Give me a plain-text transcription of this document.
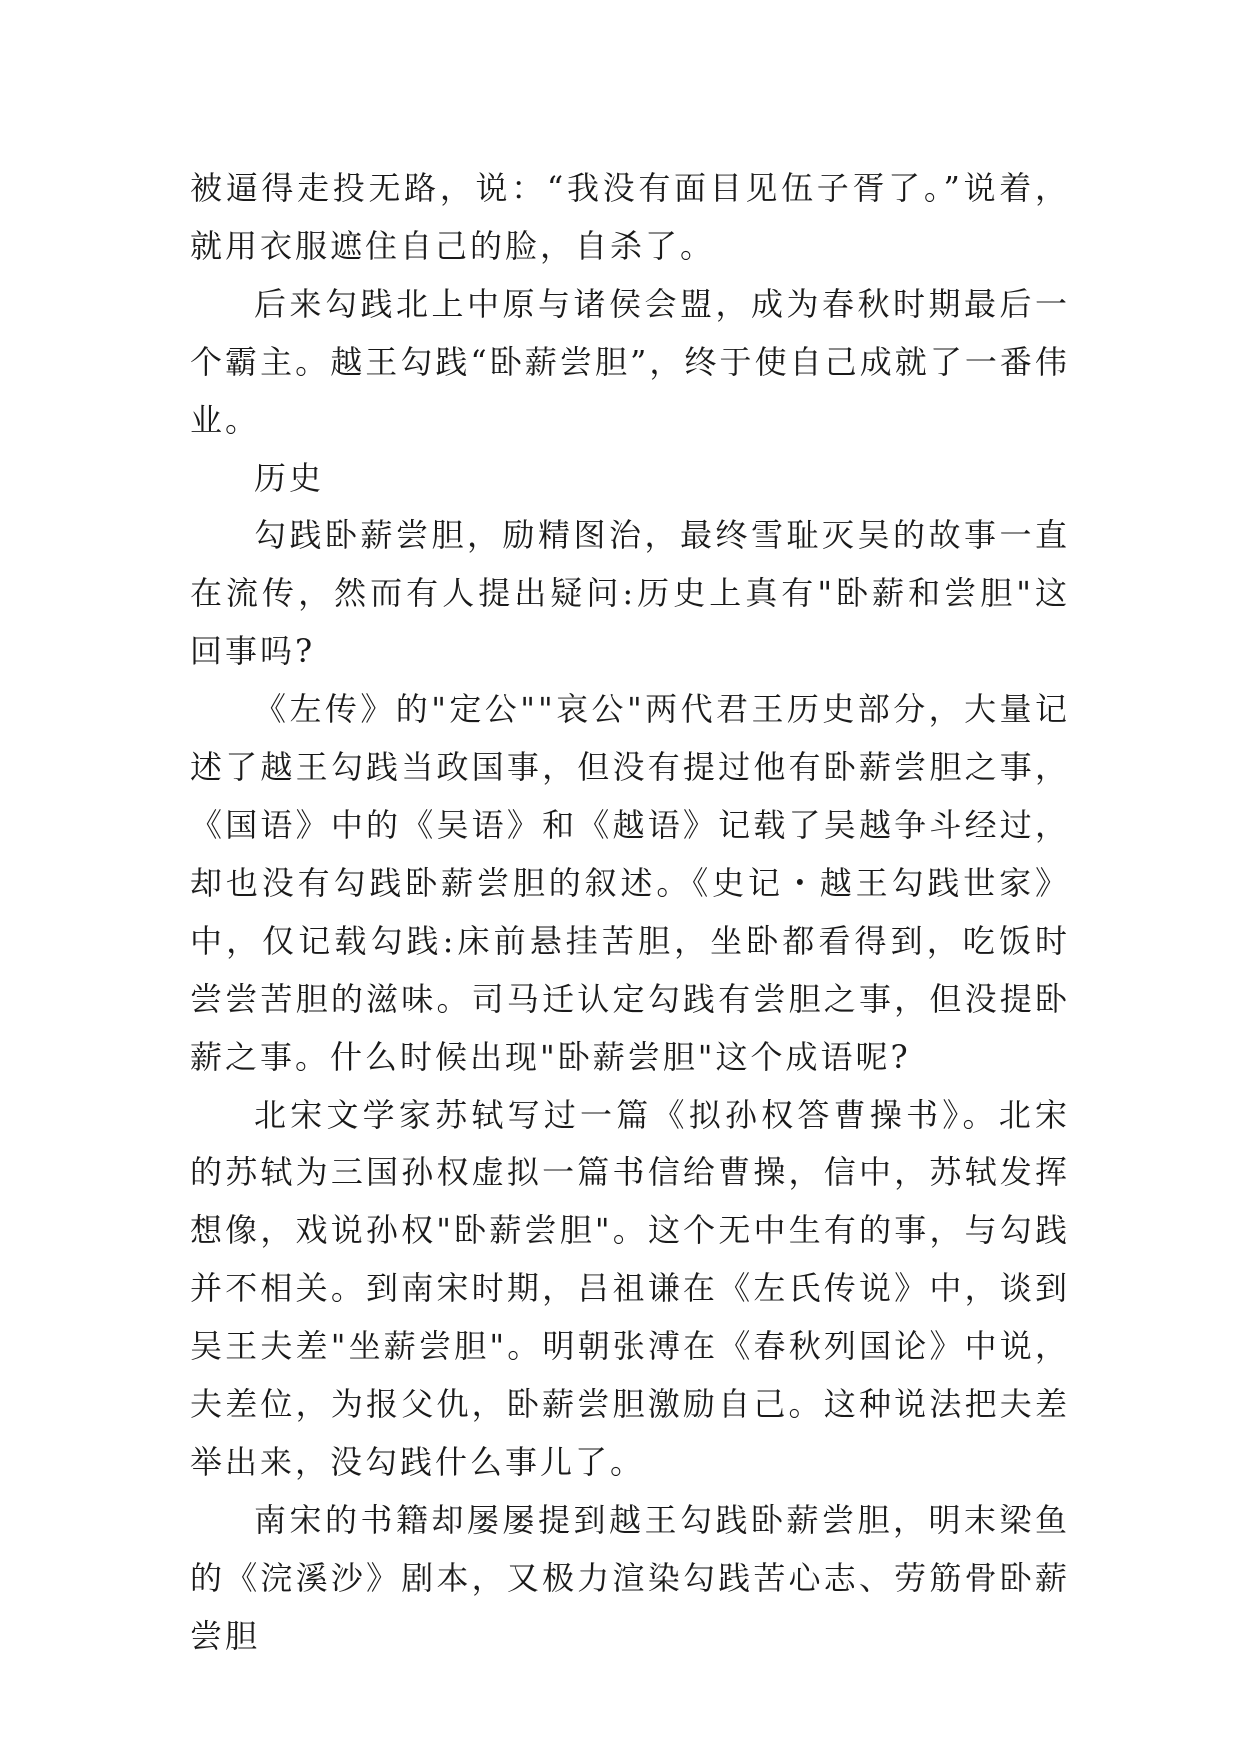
被逼得走投无路，说：“我没有面目见伍子胥了。”说着，就用衣服遮住自己的脸，自杀了。

后来勾践北上中原与诸侯会盟，成为春秋时期最后一个霸主。越王勾践“卧薪尝胆”，终于使自己成就了一番伟业。

历史

勾践卧薪尝胆，励精图治，最终雪耻灭吴的故事一直在流传，然而有人提出疑问:历史上真有"卧薪和尝胆"这回事吗?

《左传》的"定公""哀公"两代君王历史部分，大量记述了越王勾践当政国事，但没有提过他有卧薪尝胆之事，《国语》中的《吴语》和《越语》记载了吴越争斗经过，却也没有勾践卧薪尝胆的叙述。《史记・越王勾践世家》中，仅记载勾践:床前悬挂苦胆，坐卧都看得到，吃饭时尝尝苦胆的滋味。司马迁认定勾践有尝胆之事，但没提卧薪之事。什么时候出现"卧薪尝胆"这个成语呢?

北宋文学家苏轼写过一篇《拟孙权答曹操书》。北宋的苏轼为三国孙权虚拟一篇书信给曹操，信中，苏轼发挥想像，戏说孙权"卧薪尝胆"。这个无中生有的事，与勾践并不相关。到南宋时期，吕祖谦在《左氏传说》中，谈到吴王夫差"坐薪尝胆"。明朝张溥在《春秋列国论》中说，夫差位，为报父仇，卧薪尝胆激励自己。这种说法把夫差举出来，没勾践什么事儿了。

南宋的书籍却屡屡提到越王勾践卧薪尝胆，明末梁鱼的《浣溪沙》剧本，又极力渲染勾践苦心志、劳筋骨卧薪尝胆
